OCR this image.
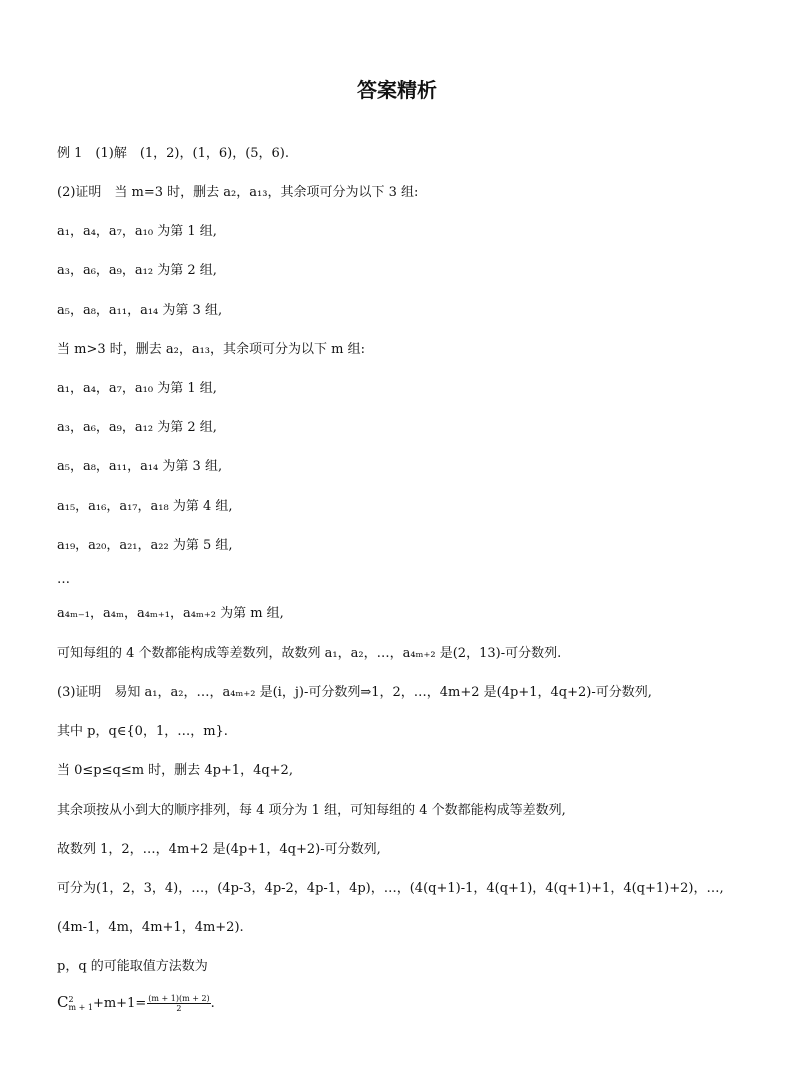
答案精析
例 1　(1)解　(1，2)，(1，6)，(5，6).
(2)证明　当 m=3 时，删去 a₂，a₁₃，其余项可分为以下 3 组:
a₁，a₄，a₇，a₁₀ 为第 1 组,
a₃，a₆，a₉，a₁₂ 为第 2 组,
a₅，a₈，a₁₁，a₁₄ 为第 3 组,
当 m>3 时，删去 a₂，a₁₃，其余项可分为以下 m 组:
a₁，a₄，a₇，a₁₀ 为第 1 组,
a₃，a₆，a₉，a₁₂ 为第 2 组,
a₅，a₈，a₁₁，a₁₄ 为第 3 组,
a₁₅，a₁₆，a₁₇，a₁₈ 为第 4 组,
a₁₉，a₂₀，a₂₁，a₂₂ 为第 5 组,
…
a₄ₘ₋₁，a₄ₘ，a₄ₘ₊₁，a₄ₘ₊₂ 为第 m 组,
可知每组的 4 个数都能构成等差数列，故数列 a₁，a₂，…，a₄ₘ₊₂ 是(2，13)-可分数列.
(3)证明　易知 a₁，a₂，…，a₄ₘ₊₂ 是(i，j)-可分数列⇒1，2，…，4m+2 是(4p+1，4q+2)-可分数列,
其中 p，q∈{0，1，…，m}.
当 0≤p≤q≤m 时，删去 4p+1，4q+2,
其余项按从小到大的顺序排列，每 4 项分为 1 组，可知每组的 4 个数都能构成等差数列,
故数列 1，2，…，4m+2 是(4p+1，4q+2)-可分数列,
可分为(1，2，3，4)，…，(4p-3，4p-2，4p-1，4p)，…，(4(q+1)-1，4(q+1)，4(q+1)+1，4(q+1)+2)，…,
(4m-1，4m，4m+1，4m+2).
p，q 的可能取值方法数为
C 2
$m + 1 +m+1= \frac{(m + 1)(m + 2)}{2}$ .
